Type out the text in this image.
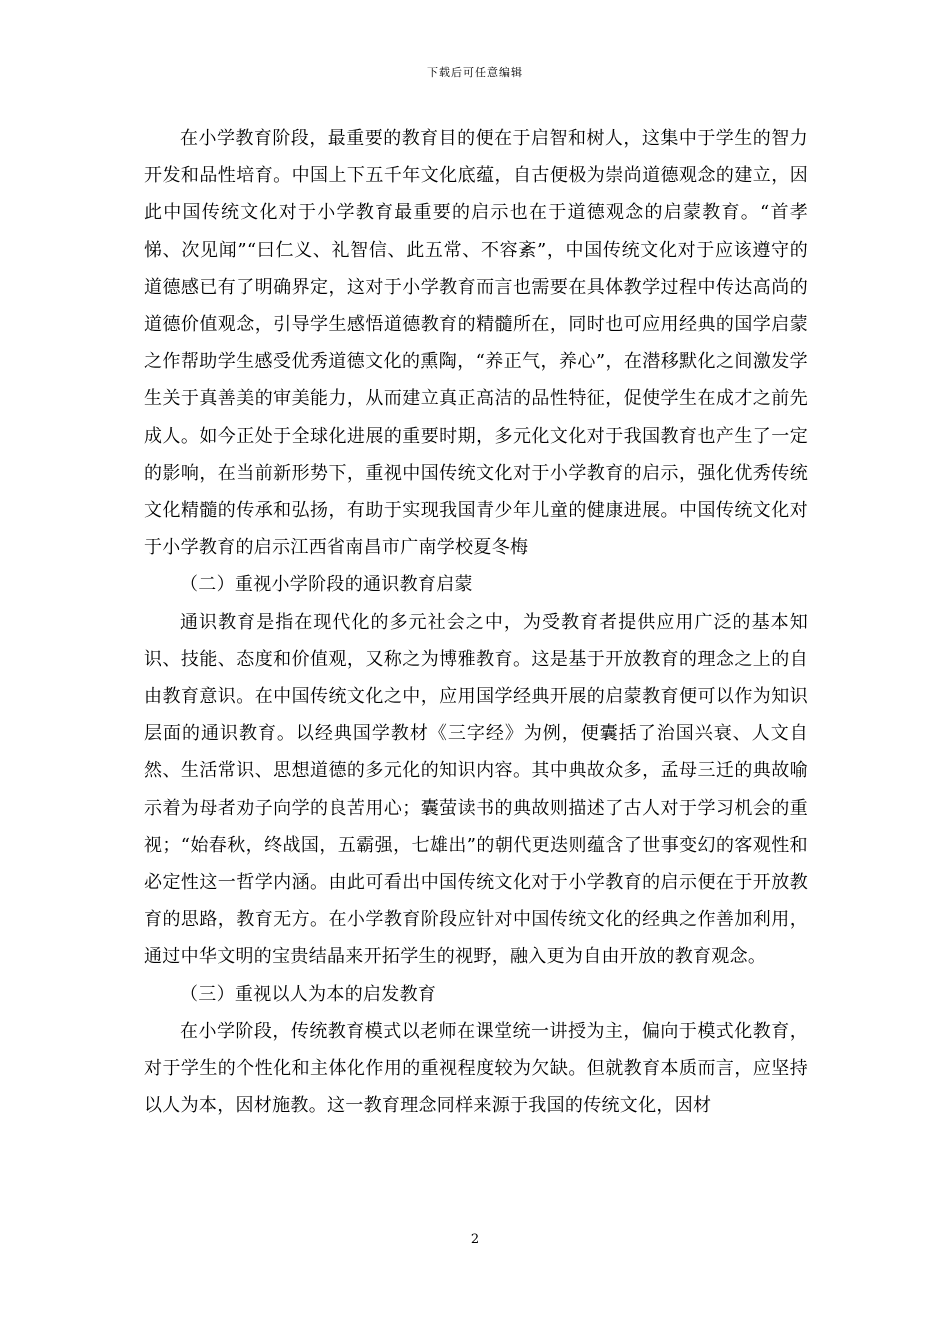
下载后可任意编辑

在小学教育阶段，最重要的教育目的便在于启智和树人，这集中于学生的智力开发和品性培育。中国上下五千年文化底蕴，自古便极为崇尚道德观念的建立，因此中国传统文化对于小学教育最重要的启示也在于道德观念的启蒙教育。“首孝悌、次见闻”“曰仁义、礼智信、此五常、不容紊”，中国传统文化对于应该遵守的道德感已有了明确界定，这对于小学教育而言也需要在具体教学过程中传达高尚的道德价值观念，引导学生感悟道德教育的精髓所在，同时也可应用经典的国学启蒙之作帮助学生感受优秀道德文化的熏陶，“养正气，养心”，在潜移默化之间激发学生关于真善美的审美能力，从而建立真正高洁的品性特征，促使学生在成才之前先成人。如今正处于全球化进展的重要时期，多元化文化对于我国教育也产生了一定的影响，在当前新形势下，重视中国传统文化对于小学教育的启示，强化优秀传统文化精髓的传承和弘扬，有助于实现我国青少年儿童的健康进展。中国传统文化对于小学教育的启示江西省南昌市广南学校夏冬梅

（二）重视小学阶段的通识教育启蒙

通识教育是指在现代化的多元社会之中，为受教育者提供应用广泛的基本知识、技能、态度和价值观，又称之为博雅教育。这是基于开放教育的理念之上的自由教育意识。在中国传统文化之中，应用国学经典开展的启蒙教育便可以作为知识层面的通识教育。以经典国学教材《三字经》为例，便囊括了治国兴衰、人文自然、生活常识、思想道德的多元化的知识内容。其中典故众多，孟母三迁的典故喻示着为母者劝子向学的良苦用心；囊萤读书的典故则描述了古人对于学习机会的重视；“始春秋，终战国，五霸强，七雄出”的朝代更迭则蕴含了世事变幻的客观性和必定性这一哲学内涵。由此可看出中国传统文化对于小学教育的启示便在于开放教育的思路，教育无方。在小学教育阶段应针对中国传统文化的经典之作善加利用，通过中华文明的宝贵结晶来开拓学生的视野，融入更为自由开放的教育观念。

（三）重视以人为本的启发教育

在小学阶段，传统教育模式以老师在课堂统一讲授为主，偏向于模式化教育，对于学生的个性化和主体化作用的重视程度较为欠缺。但就教育本质而言，应坚持以人为本，因材施教。这一教育理念同样来源于我国的传统文化，因材

2
